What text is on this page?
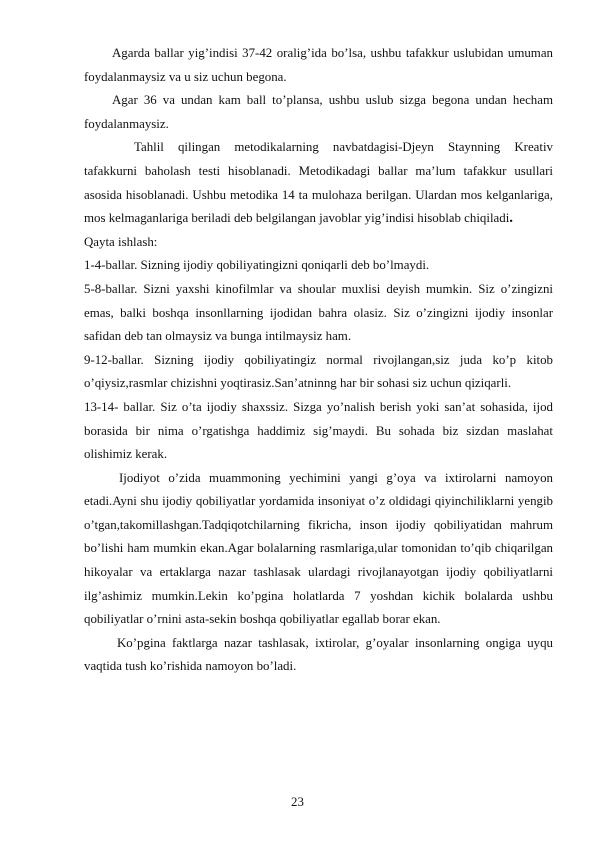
Agarda ballar yig’indisi 37-42 oralig’ida bo’lsa, ushbu tafakkur uslubidan umuman foydalanmaysiz va u siz uchun begona.

Agar 36 va undan kam ball to’plansa, ushbu uslub sizga begona undan hecham foydalanmaysiz.

Tahlil qilingan metodikalarning navbatdagisi-Djeyn Staynning Kreativ tafakkurni baholash testi hisoblanadi. Metodikadagi ballar ma’lum tafakkur usullari asosida hisoblanadi. Ushbu metodika 14 ta mulohaza berilgan. Ulardan mos kelganlariga, mos kelmaganlariga beriladi deb belgilangan javoblar yig’indisi hisoblab chiqiladi.

Qayta ishlash:

1-4-ballar. Sizning ijodiy qobiliyatingizni qoniqarli deb bo’lmaydi.

5-8-ballar. Sizni yaxshi kinofilmlar va shoular muxlisi deyish mumkin. Siz o’zingizni emas, balki boshqa insonllarning ijodidan bahra olasiz. Siz o’zingizni ijodiy insonlar safidan deb tan olmaysiz va bunga intilmaysiz ham.

9-12-ballar. Sizning ijodiy qobiliyatingiz normal rivojlangan,siz juda ko’p kitob o’qiysiz,rasmlar chizishni yoqtirasiz.San’atninng har bir sohasi siz uchun qiziqarli.

13-14- ballar. Siz o’ta ijodiy shaxssiz. Sizga yo’nalish berish yoki san’at sohasida, ijod borasida bir nima o’rgatishga haddimiz sig’maydi. Bu sohada biz sizdan maslahat olishimiz kerak.

Ijodiyot o’zida muammoning yechimini yangi g’oya va ixtirolarni namoyon etadi.Ayni shu ijodiy qobiliyatlar yordamida insoniyat o’z oldidagi qiyinchiliklarni yengib o’tgan,takomillashgan.Tadqiqotchilarning fikricha, inson ijodiy qobiliyatidan mahrum bo’lishi ham mumkin ekan.Agar bolalarning rasmlariga,ular tomonidan to’qib chiqarilgan hikoyalar va ertaklarga nazar tashlasak ulardagi rivojlanayotgan ijodiy qobiliyatlarni ilg’ashimiz mumkin.Lekin ko’pgina holatlarda 7 yoshdan kichik bolalarda ushbu qobiliyatlar o’rnini asta-sekin boshqa qobiliyatlar egallab borar ekan.

Ko’pgina faktlarga nazar tashlasak, ixtirolar, g’oyalar insonlarning ongiga uyqu vaqtida tush ko’rishida namoyon bo’ladi.

23
